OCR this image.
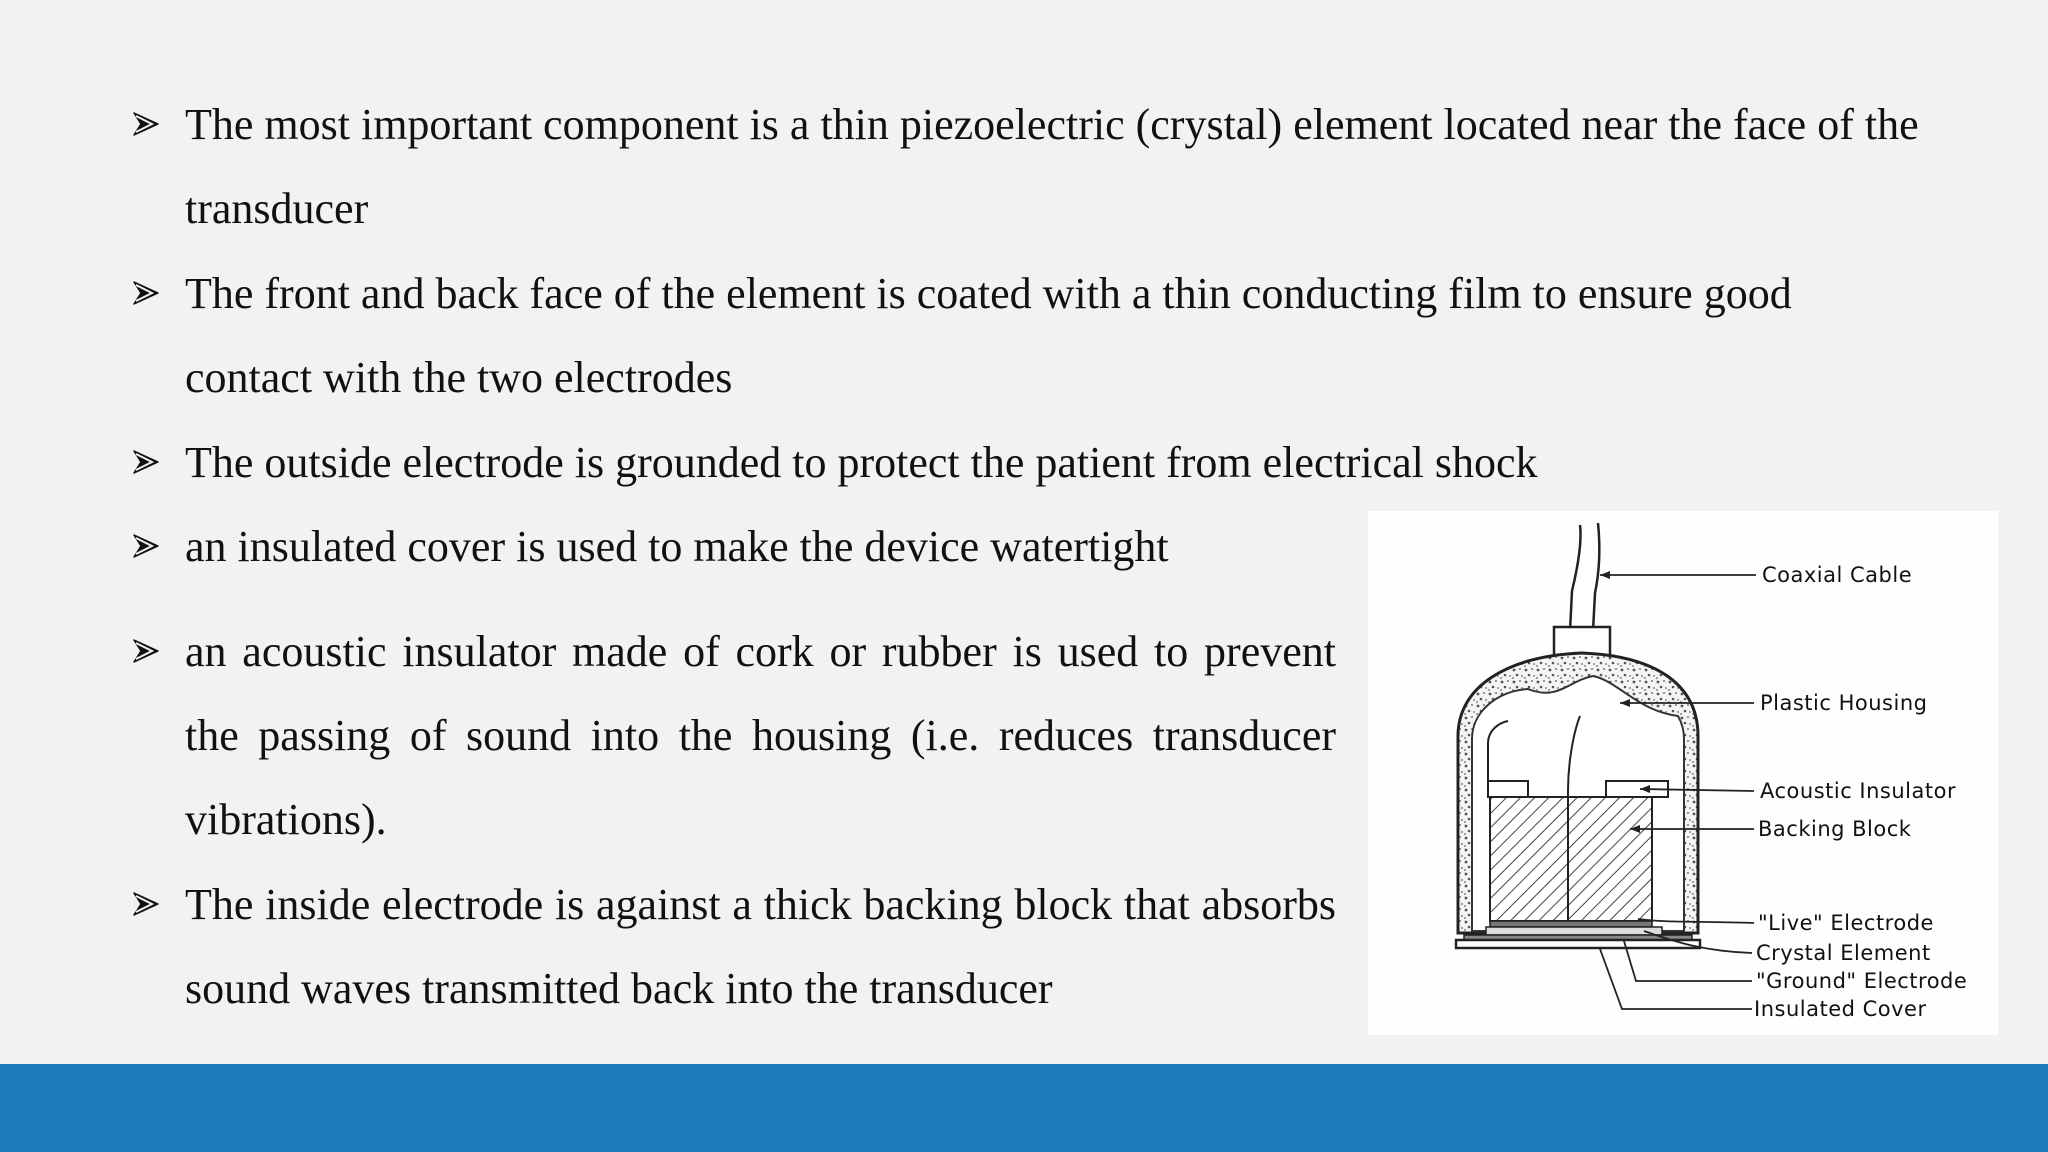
The most important component is a thin piezoelectric (crystal) element located near the face of the transducer
The front and back face of the element is coated with a thin conducting film to ensure good contact with the two electrodes
The outside electrode is grounded to protect the patient from electrical shock
an insulated cover is used to make the device watertight
an acoustic insulator made of cork or rubber is used to prevent the passing of sound into the housing (i.e. reduces transducer vibrations).
The inside electrode is against a thick backing block that absorbs sound waves transmitted back into the transducer
Coaxial Cable
Plastic Housing
Acoustic Insulator
Backing Block
"Live" Electrode
Crystal Element
"Ground" Electrode
Insulated Cover
